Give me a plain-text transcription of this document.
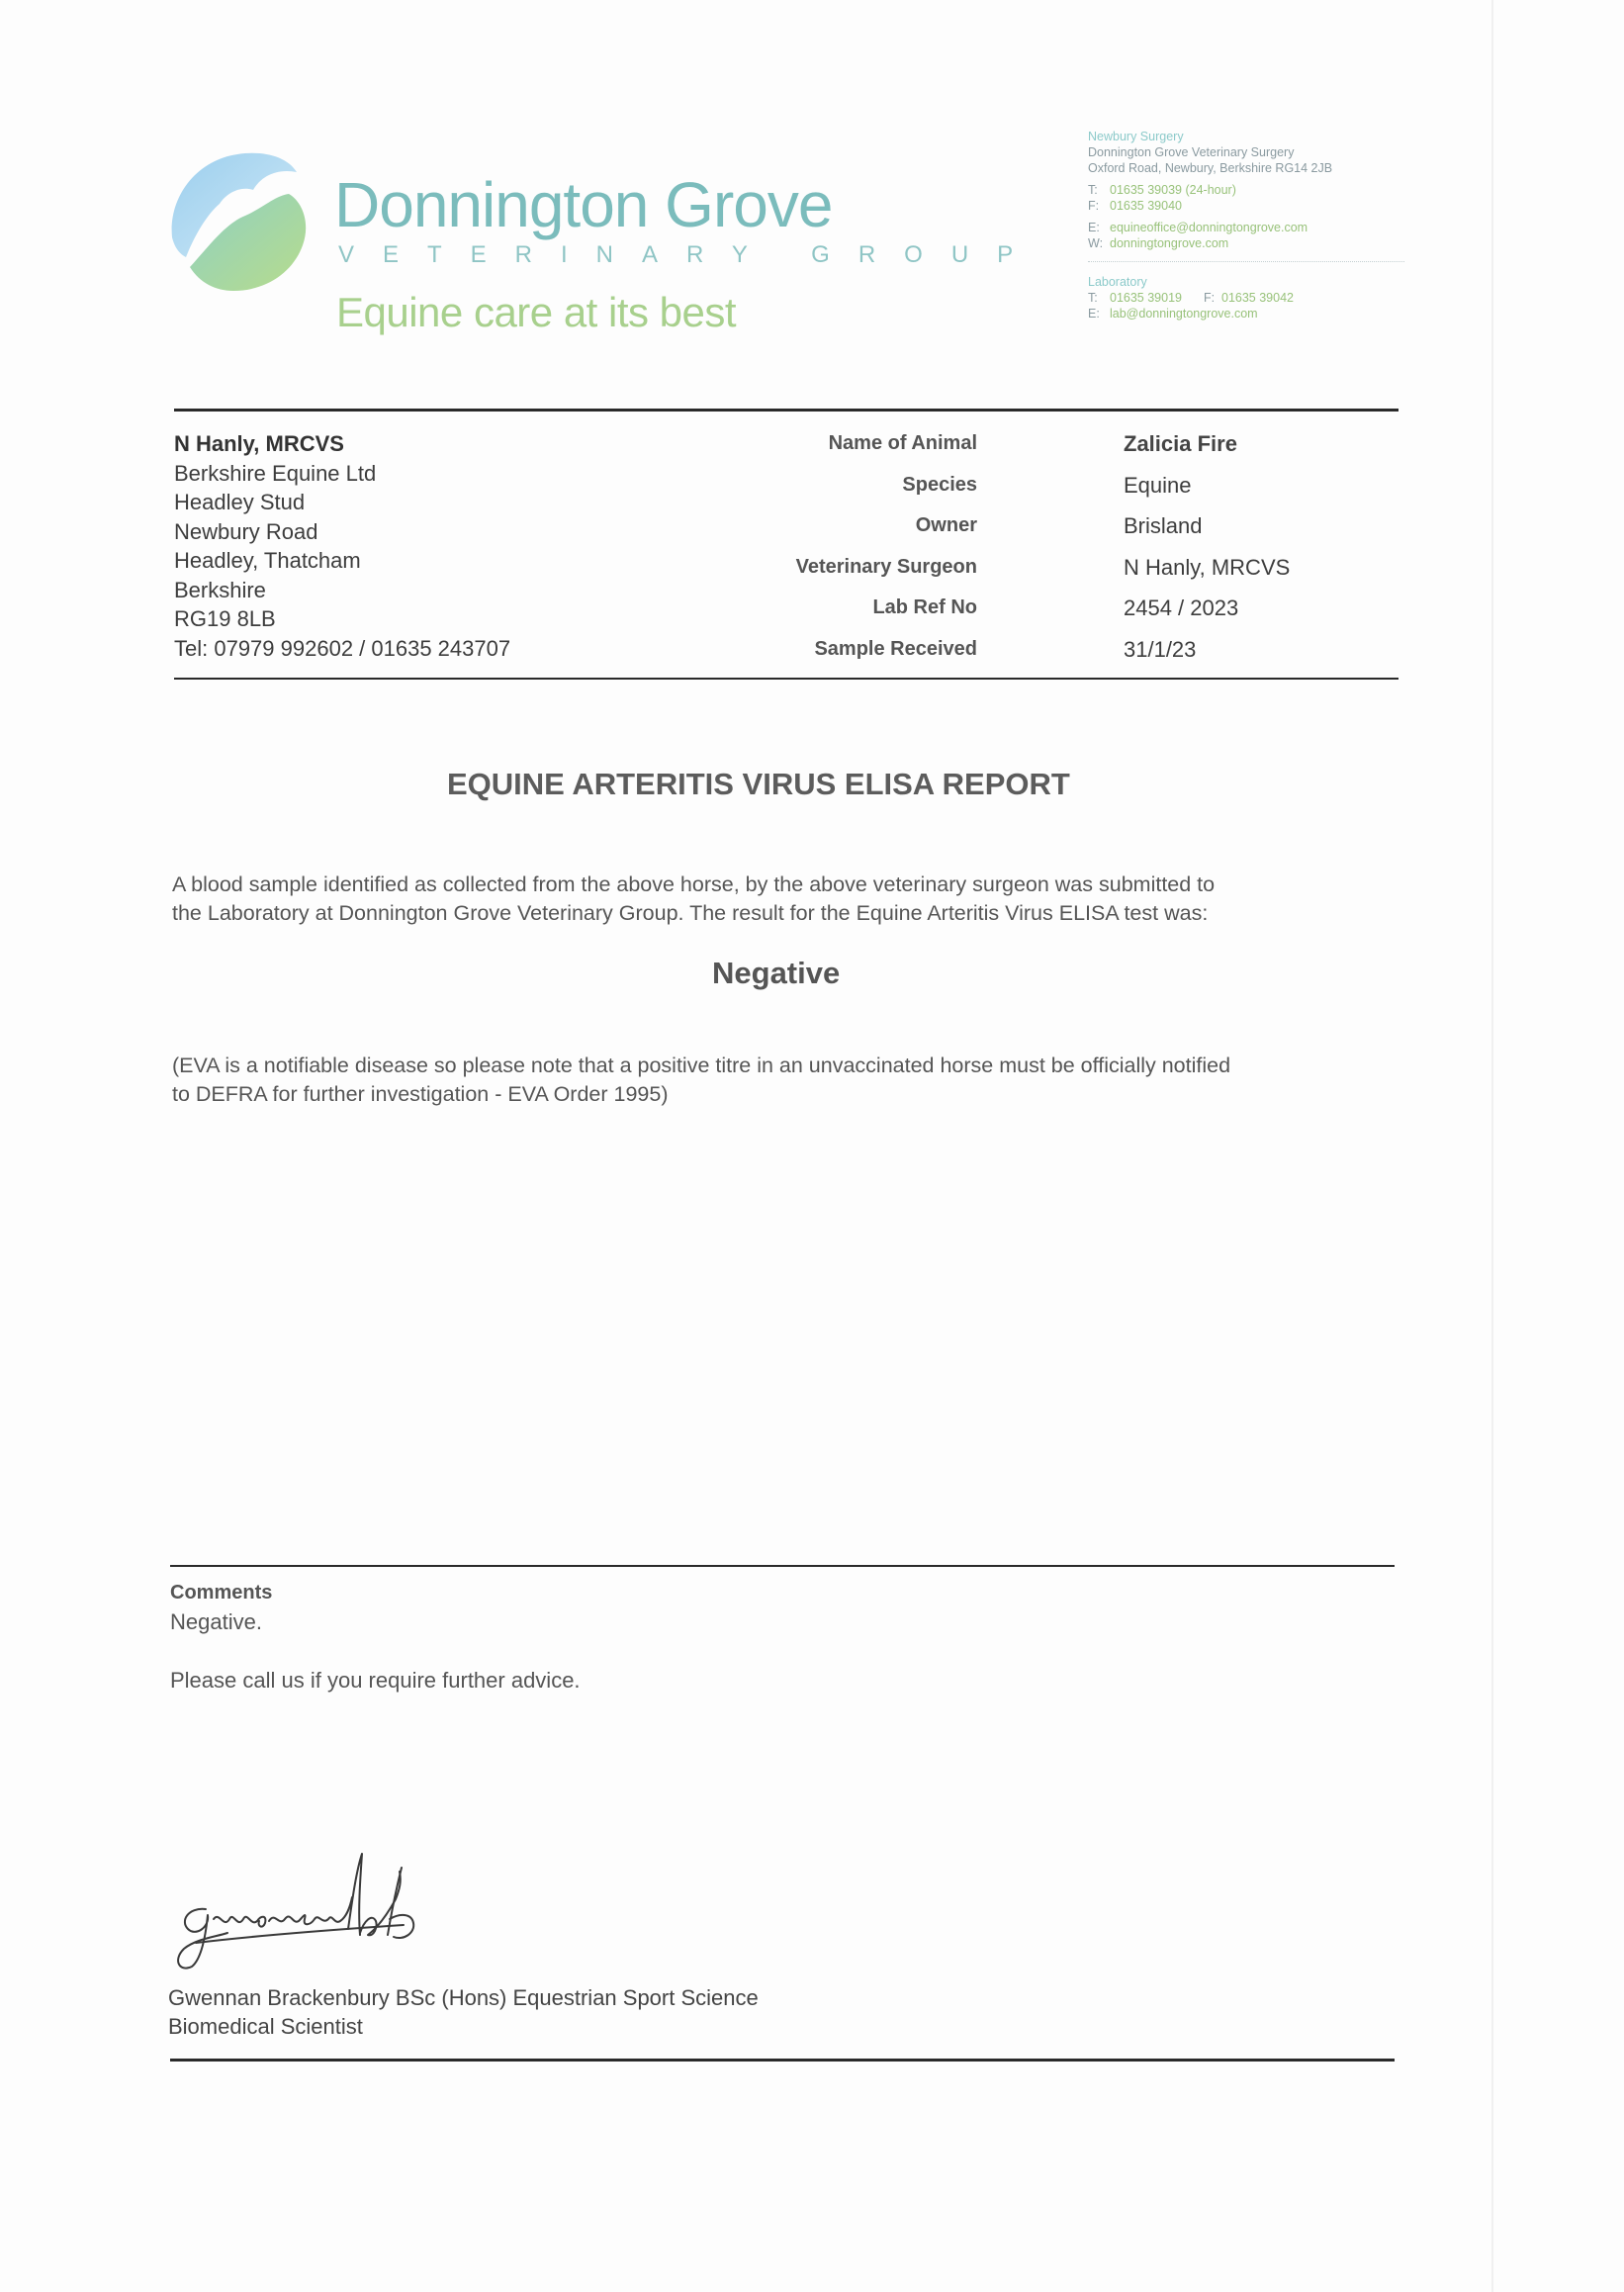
Donnington Grove
VETERINARY GROUP
Equine care at its best
Newbury Surgery
Donnington Grove Veterinary Surgery
Oxford Road, Newbury, Berkshire RG14 2JB
T: 01635 39039 (24-hour)
F: 01635 39040
E: equineoffice@donningtongrove.com
W: donningtongrove.com
Laboratory
T: 01635 39019 F: 01635 39042
E: lab@donningtongrove.com
N Hanly, MRCVS
Berkshire Equine Ltd
Headley Stud
Newbury Road
Headley, Thatcham
Berkshire
RG19 8LB
Tel: 07979 992602 / 01635 243707
Name of Animal	Zalicia Fire
Species	Equine
Owner	Brisland
Veterinary Surgeon	N Hanly, MRCVS
Lab Ref No	2454 / 2023
Sample Received	31/1/23
EQUINE ARTERITIS VIRUS ELISA REPORT
A blood sample identified as collected from the above horse, by the above veterinary surgeon was submitted to
the Laboratory at Donnington Grove Veterinary Group. The result for the Equine Arteritis Virus ELISA test was:
Negative
(EVA is a notifiable disease so please note that a positive titre in an unvaccinated horse must be officially notified
to DEFRA for further investigation - EVA Order 1995)
Comments
Negative.
Please call us if you require further advice.
Gwennan Brackenbury BSc (Hons) Equestrian Sport Science
Biomedical Scientist
